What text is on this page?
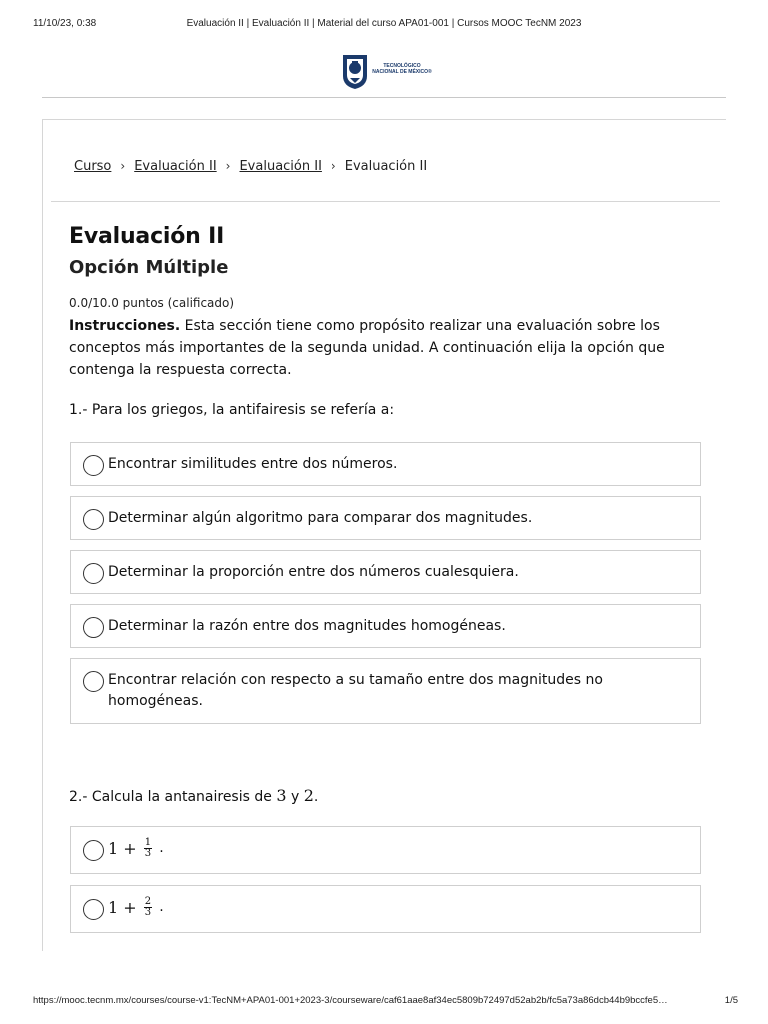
11/10/23, 0:38	Evaluación II | Evaluación II | Material del curso APA01-001 | Cursos MOOC TecNM 2023
TECNOLÓGICO
NACIONAL DE MÉXICO®
Curso › Evaluación II › Evaluación II › Evaluación II
Evaluación II
Opción Múltiple
0.0/10.0 puntos (calificado)

Instrucciones. Esta sección tiene como propósito realizar una evaluación sobre los conceptos más importantes de la segunda unidad. A continuación elija la opción que contenga la respuesta correcta.

1.- Para los griegos, la antifairesis se refería a:
Encontrar similitudes entre dos números.
Determinar algún algoritmo para comparar dos magnitudes.
Determinar la proporción entre dos números cualesquiera.
Determinar la razón entre dos magnitudes homogéneas.
Encontrar relación con respecto a su tamaño entre dos magnitudes no homogéneas.
2.- Calcula la antanairesis de 3 y 2.
1
+
$\frac{1}{3}$
.
1
+
$\frac{2}{3}$
.
https://mooc.tecnm.mx/courses/course-v1:TecNM+APA01-001+2023-3/courseware/caf61aae8af34ec5809b72497d52ab2b/fc5a73a86dcb44b9bccfe5…	1/5
